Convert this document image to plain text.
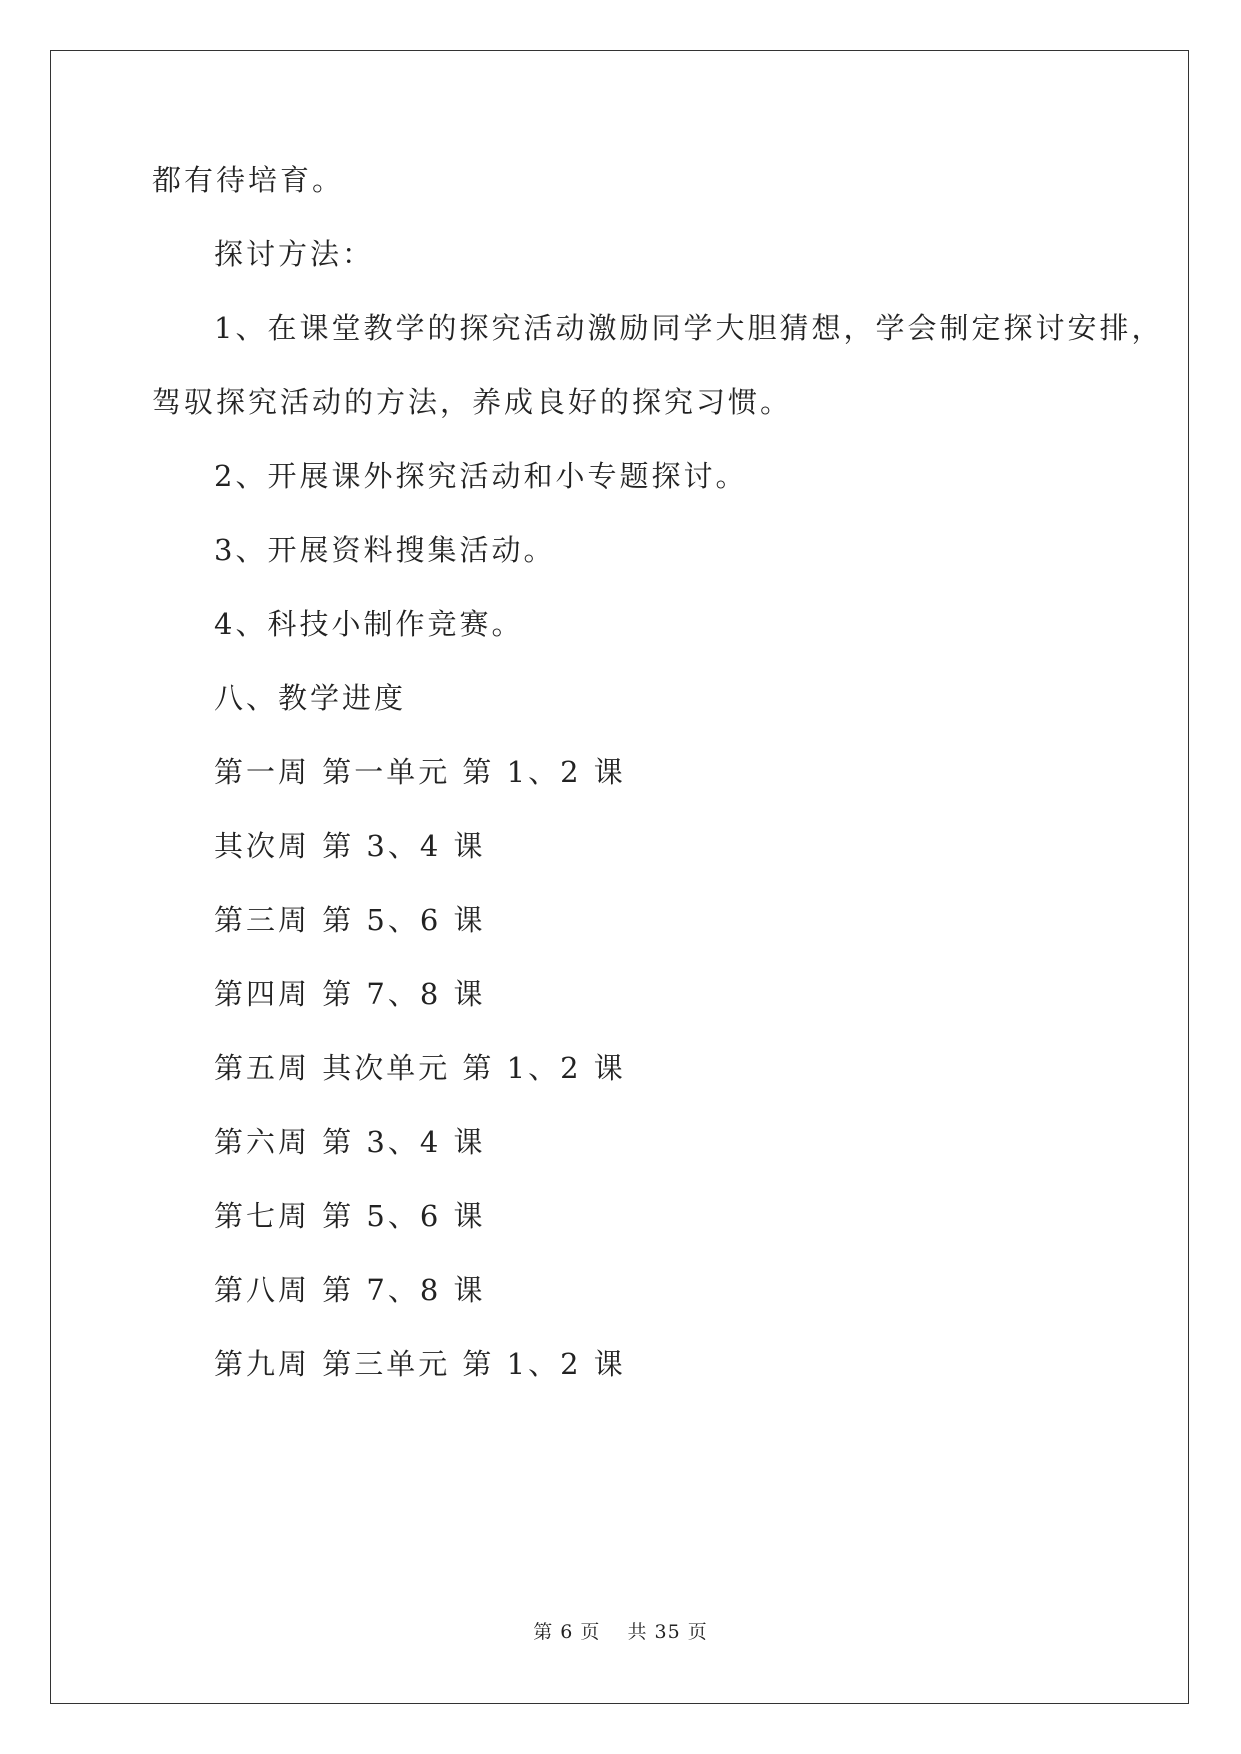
都有待培育。
探讨方法：
1、在课堂教学的探究活动激励同学大胆猜想，学会制定探讨安排，
驾驭探究活动的方法，养成良好的探究习惯。
2、开展课外探究活动和小专题探讨。
3、开展资料搜集活动。
4、科技小制作竞赛。
八、教学进度
第一周 第一单元 第 1、2 课
其次周 第 3、4 课
第三周 第 5、6 课
第四周 第 7、8 课
第五周 其次单元 第 1、2 课
第六周 第 3、4 课
第七周 第 5、6 课
第八周 第 7、8 课
第九周 第三单元 第 1、2 课
第 6 页　 共 35 页
